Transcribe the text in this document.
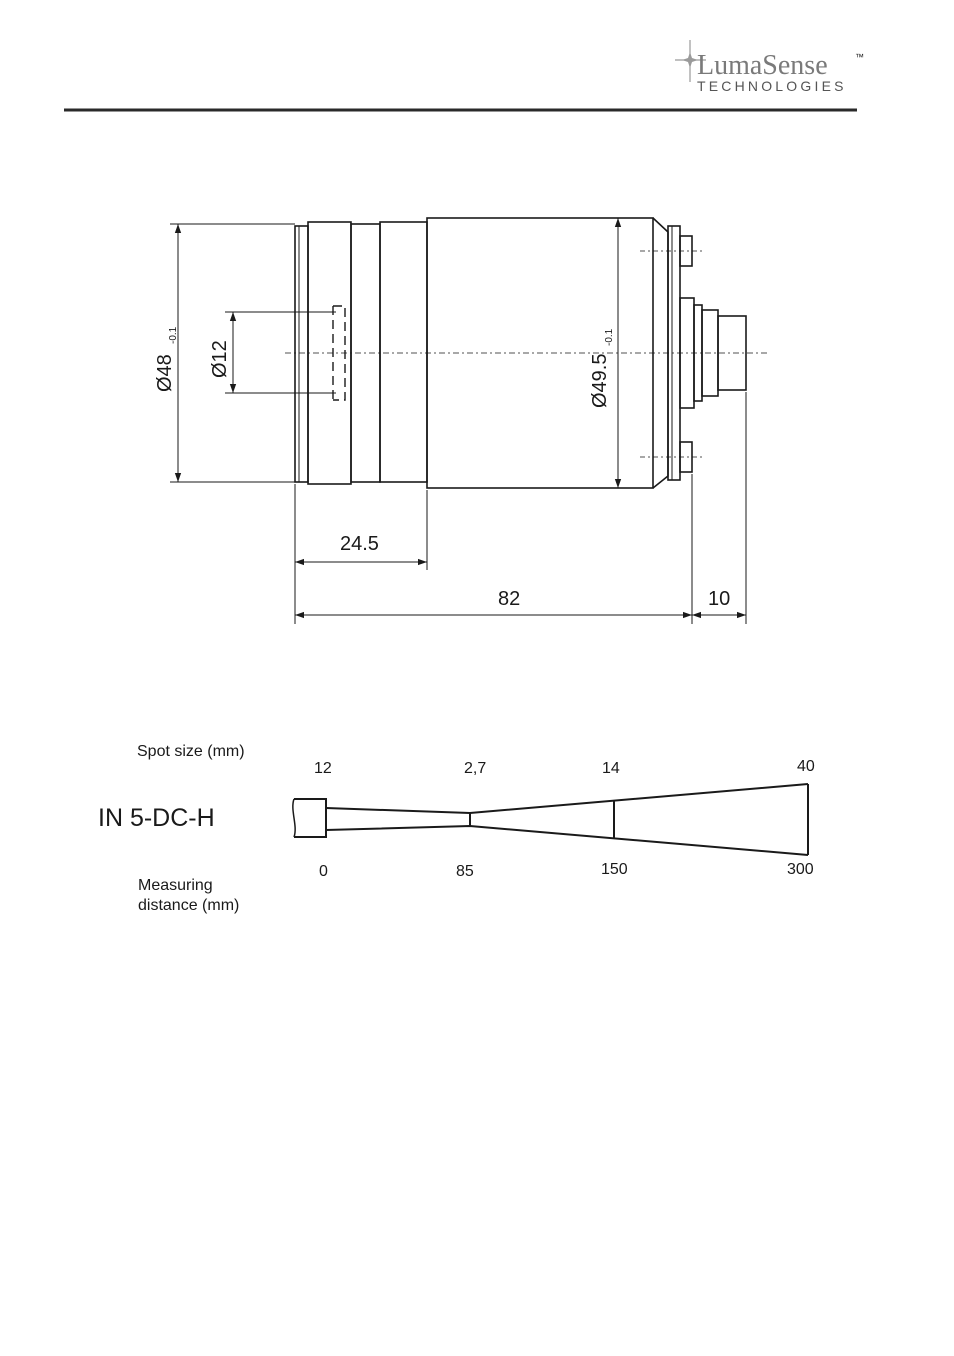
LumaSense	™
TECHNOLOGIES
Ø48
-0.1
Ø12	Ø49.5
-0.1
24.5
82	10
Spot size (mm)
IN 5-DC-H
Measuring
distance (mm)
12	2,7	14	40
0	85	150	300
